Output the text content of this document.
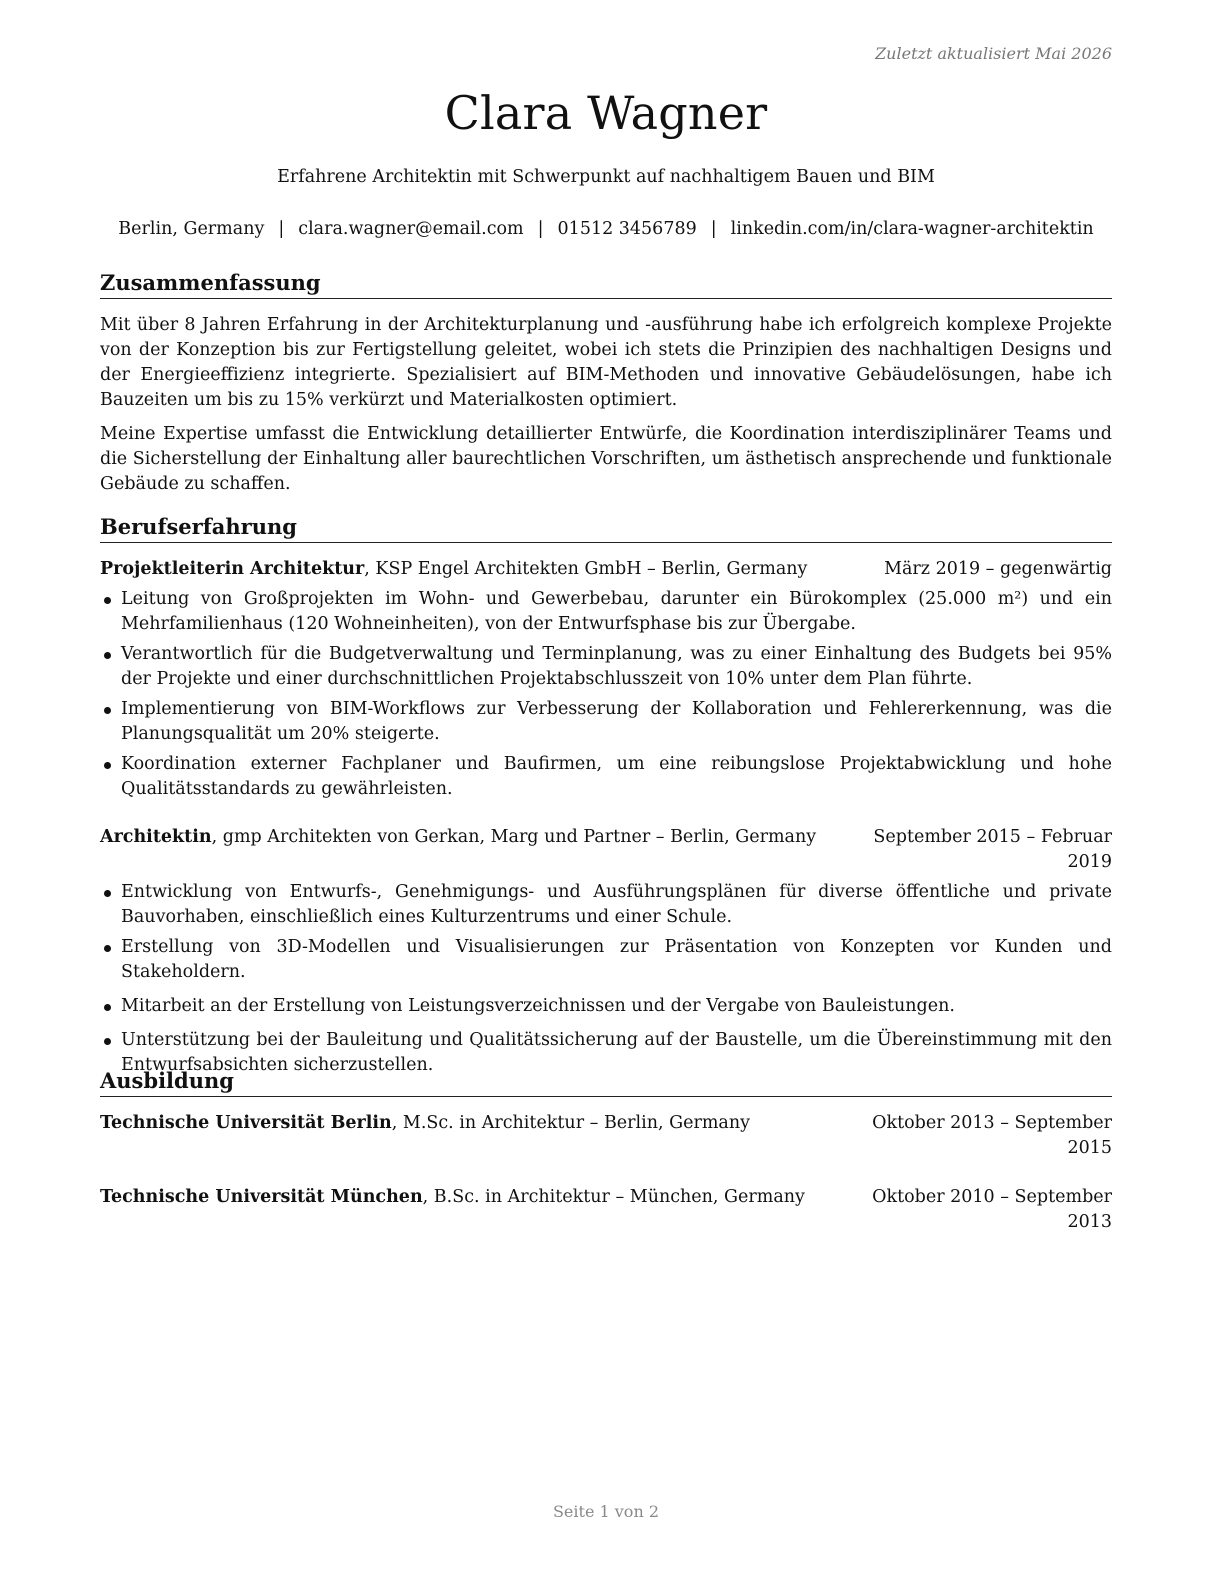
Zuletzt aktualisiert Mai 2026
Clara Wagner
Erfahrene Architektin mit Schwerpunkt auf nachhaltigem Bauen und BIM
Berlin, Germany | clara.wagner@email.com | 01512 3456789 | linkedin.com/in/clara-wagner-architektin
Zusammenfassung

Mit über 8 Jahren Erfahrung in der Architekturplanung und -ausführung habe ich erfolgreich komplexe Projekte von der Konzeption bis zur Fertigstellung geleitet, wobei ich stets die Prinzipien des nachhaltigen Designs und der Energieeffizienz integrierte. Spezialisiert auf BIM-Methoden und innovative Gebäudelösungen, habe ich Bauzeiten um bis zu 15% verkürzt und Materialkosten optimiert.

Meine Expertise umfasst die Entwicklung detaillierter Entwürfe, die Koordination interdisziplinärer Teams und die Sicherstellung der Einhaltung aller baurechtlichen Vorschriften, um ästhetisch ansprechende und funktionale Gebäude zu schaffen.

Berufserfahrung
Projektleiterin Architektur, KSP Engel Architekten GmbH – Berlin, Germany	März 2019 – gegenwärtig
Leitung von Großprojekten im Wohn- und Gewerbebau, darunter ein Bürokomplex (25.000 m²) und ein Mehrfamilienhaus (120 Wohneinheiten), von der Entwurfsphase bis zur Übergabe.
Verantwortlich für die Budgetverwaltung und Terminplanung, was zu einer Einhaltung des Budgets bei 95% der Projekte und einer durchschnittlichen Projektabschlusszeit von 10% unter dem Plan führte.
Implementierung von BIM-Workflows zur Verbesserung der Kollaboration und Fehlererkennung, was die Planungsqualität um 20% steigerte.
Koordination externer Fachplaner und Baufirmen, um eine reibungslose Projektabwicklung und hohe Qualitätsstandards zu gewährleisten.
Architektin, gmp Architekten von Gerkan, Marg und Partner – Berlin, Germany	September 2015 – Februar 2019
Entwicklung von Entwurfs-, Genehmigungs- und Ausführungsplänen für diverse öffentliche und private Bauvorhaben, einschließlich eines Kulturzentrums und einer Schule.
Erstellung von 3D-Modellen und Visualisierungen zur Präsentation von Konzepten vor Kunden und Stakeholdern.
Mitarbeit an der Erstellung von Leistungsverzeichnissen und der Vergabe von Bauleistungen.
Unterstützung bei der Bauleitung und Qualitätssicherung auf der Baustelle, um die Übereinstimmung mit den Entwurfsabsichten sicherzustellen.
Ausbildung
Technische Universität Berlin, M.Sc. in Architektur – Berlin, Germany	Oktober 2013 – September 2015
Technische Universität München, B.Sc. in Architektur – München, Germany	Oktober 2010 – September 2013
Seite 1 von 2
